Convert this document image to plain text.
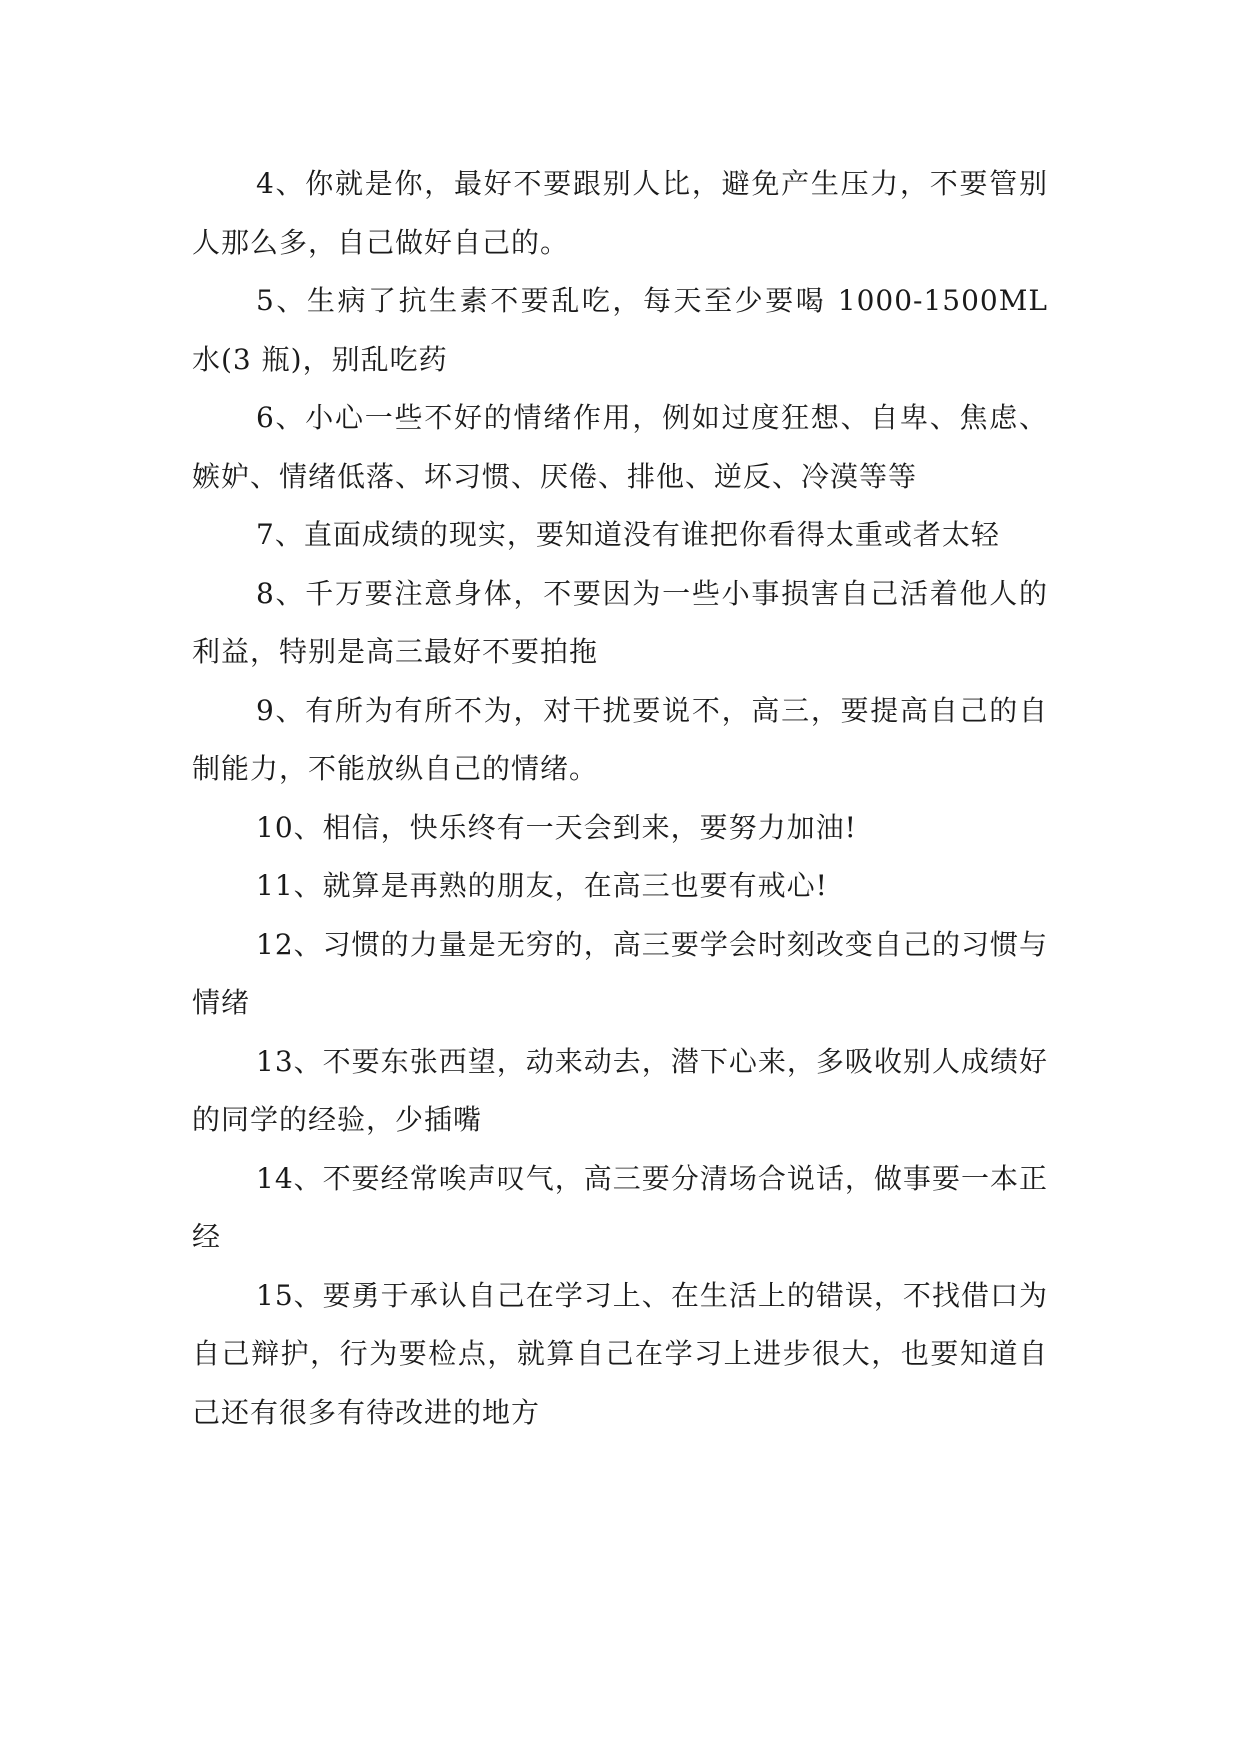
4、你就是你，最好不要跟别人比，避免产生压力，不要管别人那么多，自己做好自己的。

5、生病了抗生素不要乱吃，每天至少要喝 1000-1500ML 水(3 瓶)，别乱吃药

6、小心一些不好的情绪作用，例如过度狂想、自卑、焦虑、嫉妒、情绪低落、坏习惯、厌倦、排他、逆反、冷漠等等

7、直面成绩的现实，要知道没有谁把你看得太重或者太轻

8、千万要注意身体，不要因为一些小事损害自己活着他人的利益，特别是高三最好不要拍拖

9、有所为有所不为，对干扰要说不，高三，要提高自己的自制能力，不能放纵自己的情绪。

10、相信，快乐终有一天会到来，要努力加油!

11、就算是再熟的朋友，在高三也要有戒心!

12、习惯的力量是无穷的，高三要学会时刻改变自己的习惯与情绪

13、不要东张西望，动来动去，潜下心来，多吸收别人成绩好的同学的经验，少插嘴

14、不要经常唉声叹气，高三要分清场合说话，做事要一本正经

15、要勇于承认自己在学习上、在生活上的错误，不找借口为自己辩护，行为要检点，就算自己在学习上进步很大，也要知道自己还有很多有待改进的地方
